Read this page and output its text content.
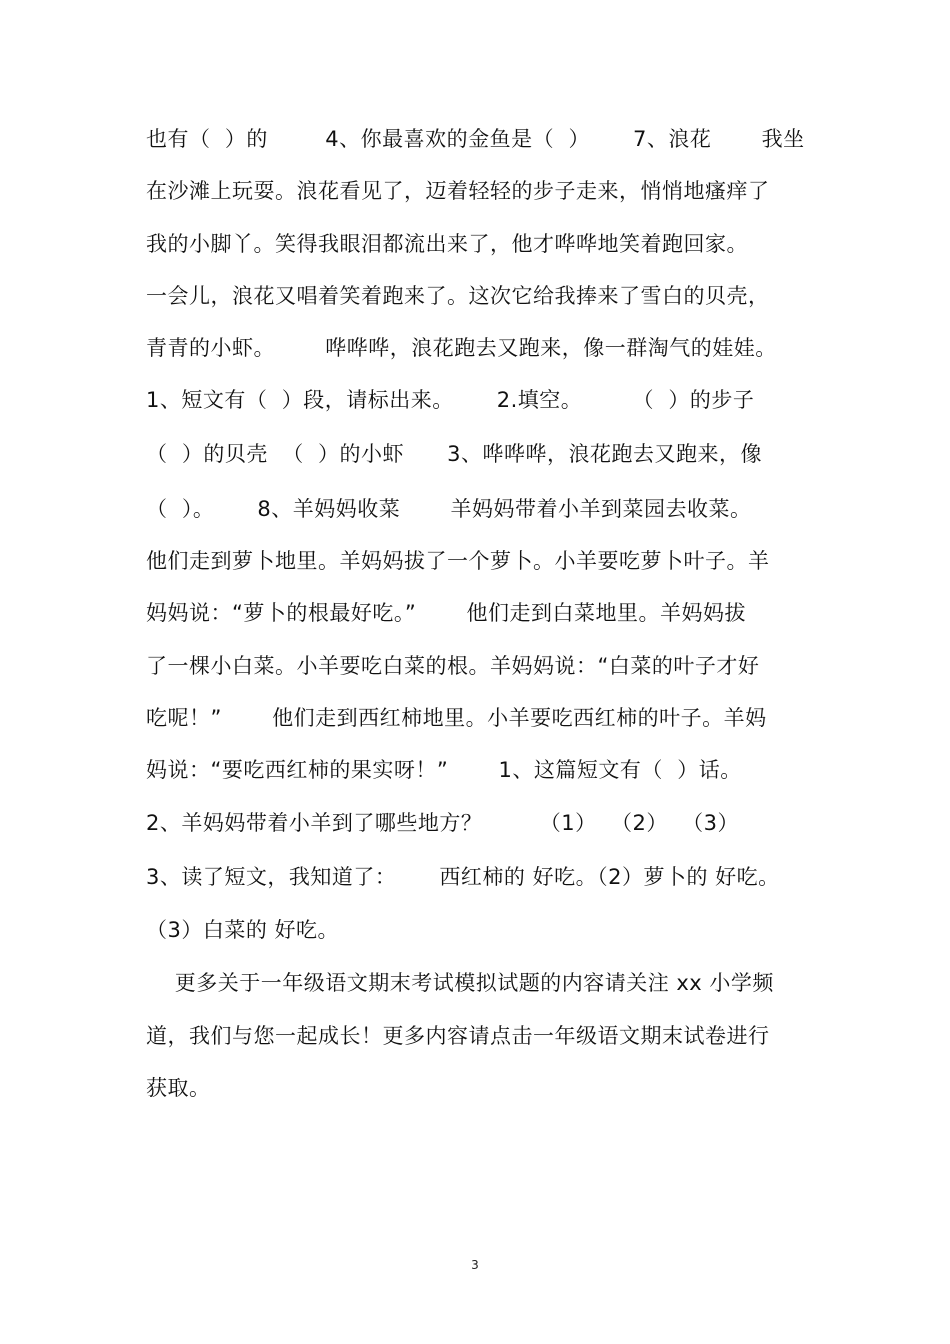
也有（  ）的        4、你最喜欢的金鱼是（  ）      7、浪花       我坐
在沙滩上玩耍。浪花看见了，迈着轻轻的步子走来，悄悄地瘙痒了
我的小脚丫。笑得我眼泪都流出来了，他才哗哗地笑着跑回家。
一会儿，浪花又唱着笑着跑来了。这次它给我捧来了雪白的贝壳，
青青的小虾。       哗哗哗，浪花跑去又跑来，像一群淘气的娃娃。
1、短文有（  ）段，请标出来。      2.填空。       （  ）的步子
（  ）的贝壳  （  ）的小虾      3、哗哗哗，浪花跑去又跑来，像
（  ）。      8、羊妈妈收菜       羊妈妈带着小羊到菜园去收菜。
他们走到萝卜地里。羊妈妈拔了一个萝卜。小羊要吃萝卜叶子。羊
妈妈说：“萝卜的根最好吃。”       他们走到白菜地里。羊妈妈拔
了一棵小白菜。小羊要吃白菜的根。羊妈妈说：“白菜的叶子才好
吃呢！”       他们走到西红柿地里。小羊要吃西红柿的叶子。羊妈
妈说：“要吃西红柿的果实呀！”       1、这篇短文有（  ）话。
2、羊妈妈带着小羊到了哪些地方？        （1）  （2）  （3）
3、读了短文，我知道了：      西红柿的 好吃。（2）萝卜的 好吃。
（3）白菜的 好吃。
更多关于一年级语文期末考试模拟试题的内容请关注 xx 小学频
道，我们与您一起成长！更多内容请点击一年级语文期末试卷进行
获取。
3
